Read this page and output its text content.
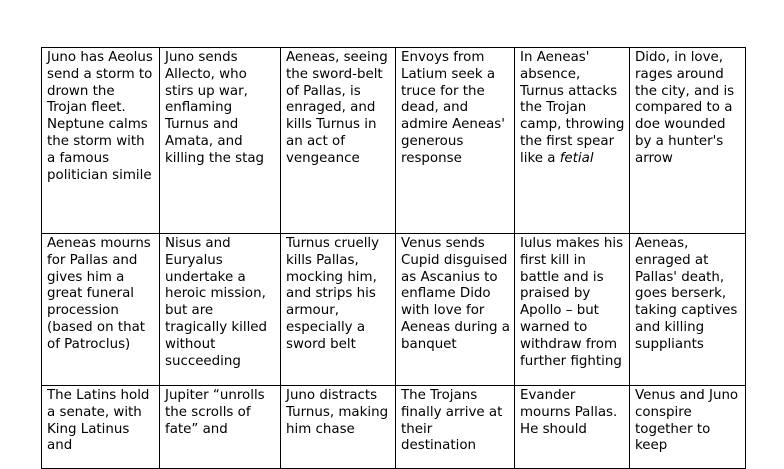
Juno has Aeolus send a storm to drown the Trojan fleet. Neptune calms the storm with a famous politician simile	Juno sends Allecto, who stirs up war, enflaming Turnus and Amata, and killing the stag	Aeneas, seeing the sword-belt of Pallas, is enraged, and kills Turnus in an act of vengeance	Envoys from Latium seek a truce for the dead, and admire Aeneas' generous response	In Aeneas' absence, Turnus attacks the Trojan camp, throwing the first spear like a fetial	Dido, in love, rages around the city, and is compared to a doe wounded by a hunter's arrow

Aeneas mourns for Pallas and gives him a great funeral procession (based on that of Patroclus)	Nisus and Euryalus undertake a heroic mission, but are tragically killed without succeeding	Turnus cruelly kills Pallas, mocking him, and strips his armour, especially a sword belt	Venus sends Cupid disguised as Ascanius to enflame Dido with love for Aeneas during a banquet	Iulus makes his first kill in battle and is praised by Apollo – but warned to withdraw from further fighting	Aeneas, enraged at Pallas' death, goes berserk, taking captives and killing suppliants

The Latins hold a senate, with King Latinus and	Jupiter “unrolls the scrolls of fate” and	Juno distracts Turnus, making him chase	The Trojans finally arrive at their destination	Evander mourns Pallas. He should	Venus and Juno conspire together to keep
